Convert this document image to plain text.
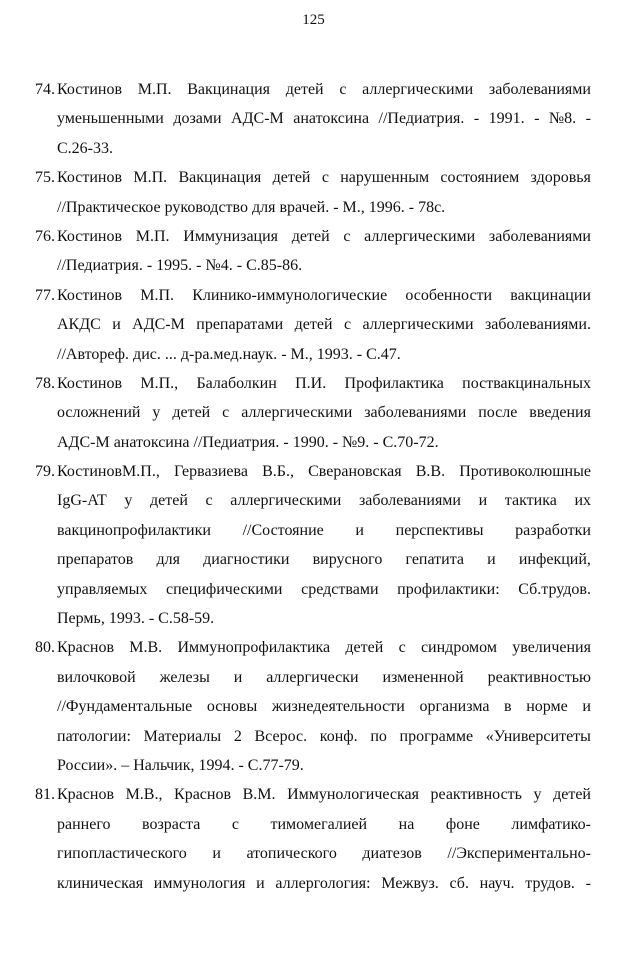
125
74. Костинов М.П. Вакцинация детей с аллергическими заболеваниями
уменьшенными дозами АДС-М анатоксина //Педиатрия. - 1991. - №8. -
С.26-33.
75. Костинов М.П. Вакцинация детей с нарушенным состоянием здоровья
//Практическое руководство для врачей. - М., 1996. - 78с.
76. Костинов М.П. Иммунизация детей с аллергическими заболеваниями
//Педиатрия. - 1995. - №4. - С.85-86.
77. Костинов М.П. Клинико-иммунологические особенности вакцинации
АКДС и АДС-М препаратами детей с аллергическими заболеваниями.
//Автореф. дис. ... д-ра.мед.наук. - М., 1993. - С.47.
78. Костинов М.П., Балаболкин П.И. Профилактика поствакцинальных
осложнений у детей с аллергическими заболеваниями после введения
АДС-М анатоксина //Педиатрия. - 1990. - №9. - С.70-72.
79. КостиновМ.П., Гервазиева В.Б., Сверановская В.В. Противоколюшные
IgG-AT у детей с аллергическими заболеваниями и тактика их
вакцинопрофилактики //Состояние и перспективы разработки
препаратов для диагностики вирусного гепатита и инфекций,
управляемых специфическими средствами профилактики: Сб.трудов.
Пермь, 1993. - С.58-59.
80. Краснов М.В. Иммунопрофилактика детей с синдромом увеличения
вилочковой железы и аллергически измененной реактивностью
//Фундаментальные основы жизнедеятельности организма в норме и
патологии: Материалы 2 Всерос. конф. по программе «Университеты
России». – Нальчик, 1994. - С.77-79.
81. Краснов М.В., Краснов В.М. Иммунологическая реактивность у детей
раннего возраста с тимомегалией на фоне лимфатико-
гипопластического и атопического диатезов //Экспериментально-
клиническая иммунология и аллергология: Межвуз. сб. науч. трудов. -
